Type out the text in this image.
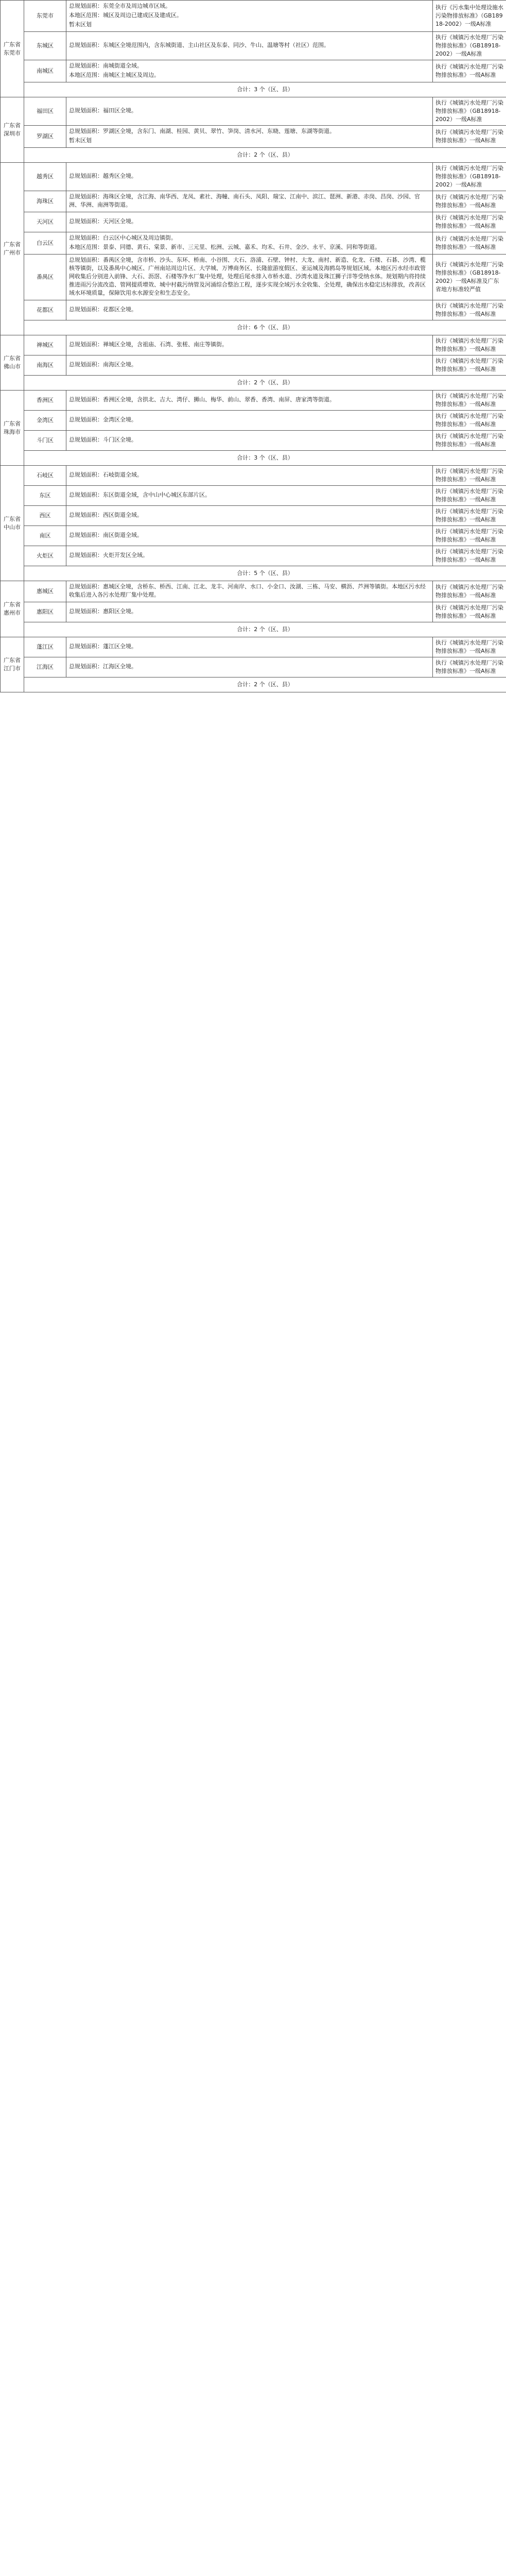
广东省东莞市	东莞市	总规划面积：东莞全市及周边城市区域。

本地区范围：城区及周边已建成区及建成区。

暂未区划	执行《污水集中处理设施水污染物排放标准》（GB18918-2002）一级A标准
	东城区	总规划面积：东城区全境范围内，含东城街道、主山社区及东泰、同沙、牛山、温塘等村（社区）范围。	执行《城镇污水处理厂污染物排放标准》（GB18918-2002）一级A标准
	南城区	总规划面积：南城街道全域。

本地区范围：南城区主城区及周边。	执行《城镇污水处理厂污染物排放标准》一级A标准
	合计：3 个（区、县）		
广东省深圳市	福田区	总规划面积：福田区全境。	执行《城镇污水处理厂污染物排放标准》（GB18918-2002）一级A标准
	罗湖区	总规划面积：罗湖区全境，含东门、南湖、桂园、黄贝、翠竹、笋岗、清水河、东晓、莲塘、东湖等街道。

暂未区划	执行《城镇污水处理厂污染物排放标准》一级A标准
	合计：2 个（区、县）		
广东省广州市	越秀区	总规划面积：越秀区全境。	执行《城镇污水处理厂污染物排放标准》（GB18918-2002）一级A标准
	海珠区	总规划面积：海珠区全境，含江海、南华西、龙凤、素社、海幢、南石头、凤阳、瑞宝、江南中、滨江、琶洲、新港、赤岗、昌岗、沙园、官洲、华洲、南洲等街道。	执行《城镇污水处理厂污染物排放标准》一级A标准
	天河区	总规划面积：天河区全境。	执行《城镇污水处理厂污染物排放标准》一级A标准
	白云区	总规划面积：白云区中心城区及周边镇街。

本地区范围：景泰、同德、黄石、棠景、新市、三元里、松洲、云城、嘉禾、均禾、石井、金沙、永平、京溪、同和等街道。	执行《城镇污水处理厂污染物排放标准》一级A标准
	番禺区	总规划面积：番禺区全境，含市桥、沙头、东环、桥南、小谷围、大石、洛浦、石壁、钟村、大龙、南村、新造、化龙、石楼、石碁、沙湾、榄核等镇街，以及番禺中心城区、广州南站周边片区、大学城、万博商务区、长隆旅游度假区、亚运城及海鸥岛等规划区域。本地区污水经市政管网收集后分别进入前锋、大石、沥滘、石楼等净水厂集中处理，处理后尾水排入市桥水道、沙湾水道及珠江狮子洋等受纳水体。规划期内将持续推进雨污分流改造、管网提质增效、城中村截污纳管及河涌综合整治工程，逐步实现全域污水全收集、全处理，确保出水稳定达标排放，改善区域水环境质量，保障饮用水水源安全和生态安全。	执行《城镇污水处理厂污染物排放标准》（GB18918-2002）一级A标准及广东省地方标准较严值
	花都区	总规划面积：花都区全境。	执行《城镇污水处理厂污染物排放标准》一级A标准
	合计：6 个（区、县）		
广东省佛山市	禅城区	总规划面积：禅城区全境，含祖庙、石湾、张槎、南庄等镇街。	执行《城镇污水处理厂污染物排放标准》一级A标准
	南海区	总规划面积：南海区全境。	执行《城镇污水处理厂污染物排放标准》一级A标准
	合计：2 个（区、县）		
广东省珠海市	香洲区	总规划面积：香洲区全境，含拱北、吉大、湾仔、狮山、梅华、前山、翠香、香湾、南屏、唐家湾等街道。	执行《城镇污水处理厂污染物排放标准》一级A标准
	金湾区	总规划面积：金湾区全境。	执行《城镇污水处理厂污染物排放标准》一级A标准
	斗门区	总规划面积：斗门区全境。	执行《城镇污水处理厂污染物排放标准》一级A标准
	合计：3 个（区、县）		
广东省中山市	石岐区	总规划面积：石岐街道全域。	执行《城镇污水处理厂污染物排放标准》一级A标准
	东区	总规划面积：东区街道全域，含中山中心城区东部片区。	执行《城镇污水处理厂污染物排放标准》一级A标准
	西区	总规划面积：西区街道全域。	执行《城镇污水处理厂污染物排放标准》一级A标准
	南区	总规划面积：南区街道全域。	执行《城镇污水处理厂污染物排放标准》一级A标准
	火炬区	总规划面积：火炬开发区全域。	执行《城镇污水处理厂污染物排放标准》一级A标准
	合计：5 个（区、县）		
广东省惠州市	惠城区	总规划面积：惠城区全境，含桥东、桥西、江南、江北、龙丰、河南岸、水口、小金口、汝湖、三栋、马安、横沥、芦洲等镇街。本地区污水经收集后进入各污水处理厂集中处理。	执行《城镇污水处理厂污染物排放标准》一级A标准
	惠阳区	总规划面积：惠阳区全境。	执行《城镇污水处理厂污染物排放标准》一级A标准
	合计：2 个（区、县）		
广东省江门市	蓬江区	总规划面积：蓬江区全境。	执行《城镇污水处理厂污染物排放标准》一级A标准
	江海区	总规划面积：江海区全境。	执行《城镇污水处理厂污染物排放标准》一级A标准
	合计：2 个（区、县）		
